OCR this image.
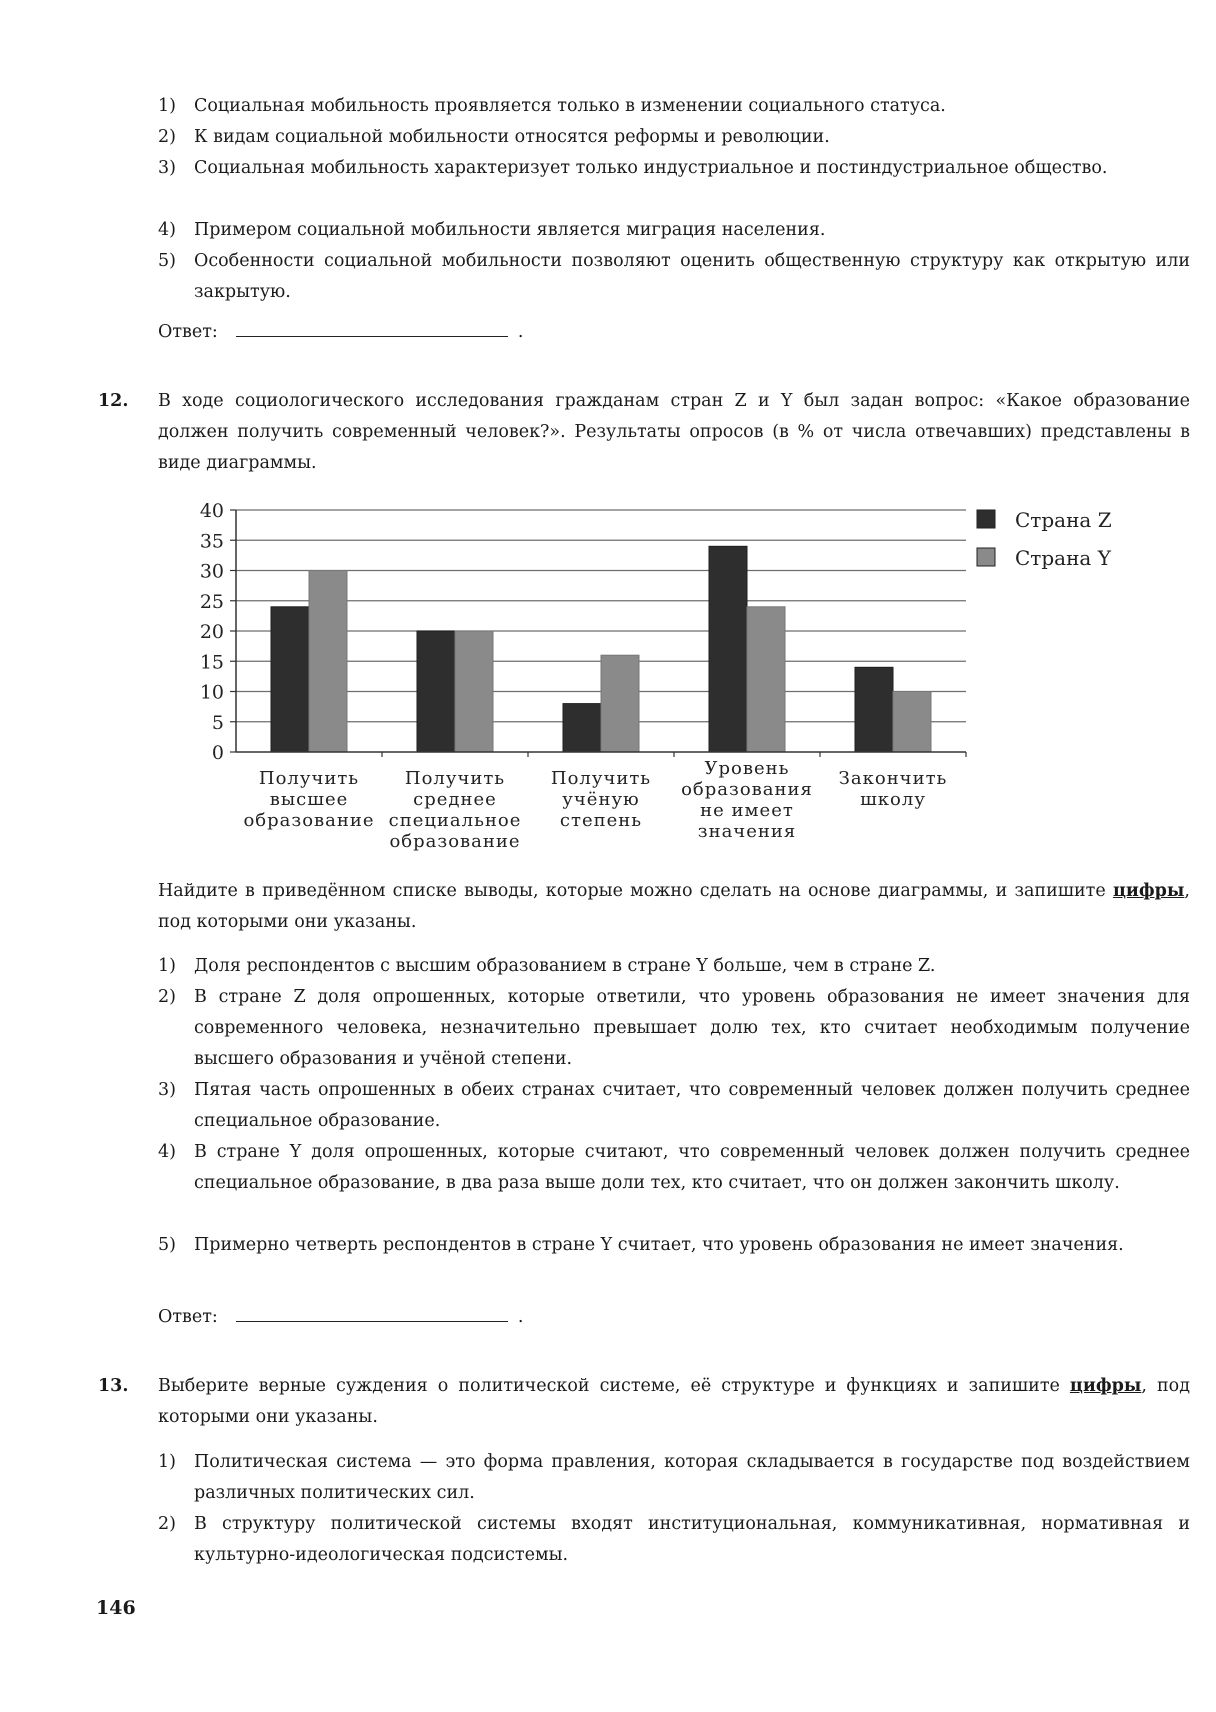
1) Социальная мобильность проявляется только в изменении социального статуса.
2) К видам социальной мобильности относятся реформы и революции.
3) Социальная мобильность характеризует только индустриальное и постиндустриальное общество.
4) Примером социальной мобильности является миграция населения.
5) Особенности социальной мобильности позволяют оценить общественную структуру как открытую или закрытую.
Ответ:	.
12. В ходе социологического исследования гражданам стран Z и Y был задан вопрос: «Какое образование должен получить современный человек?». Результаты опросов (в % от числа отвечавших) представлены в виде диаграммы.
0
5
10
15
20
25
30
35
40
Получить
высшее
образование
Получить
среднее
специальное
образование
Получить
учёную
степень
Уровень
образования
не имеет
значения
Закончить
школу
Страна Z
Страна Y
Найдите в приведённом списке выводы, которые можно сделать на основе диаграммы, и запишите цифры, под которыми они указаны.
1) Доля респондентов с высшим образованием в стране Y больше, чем в стране Z.
2) В стране Z доля опрошенных, которые ответили, что уровень образования не имеет значения для современного человека, незначительно превышает долю тех, кто считает необходимым получение высшего образования и учёной степени.
3) Пятая часть опрошенных в обеих странах считает, что современный человек должен получить среднее специальное образование.
4) В стране Y доля опрошенных, которые считают, что современный человек должен получить среднее специальное образование, в два раза выше доли тех, кто считает, что он должен закончить школу.
5) Примерно четверть респондентов в стране Y считает, что уровень образования не имеет значения.
Ответ:	.
13. Выберите верные суждения о политической системе, её структуре и функциях и запишите цифры, под которыми они указаны.
1) Политическая система — это форма правления, которая складывается в государстве под воздействием различных политических сил.
2) В структуру политической системы входят институциональная, коммуникативная, нормативная и культурно-идеологическая подсистемы.
146
